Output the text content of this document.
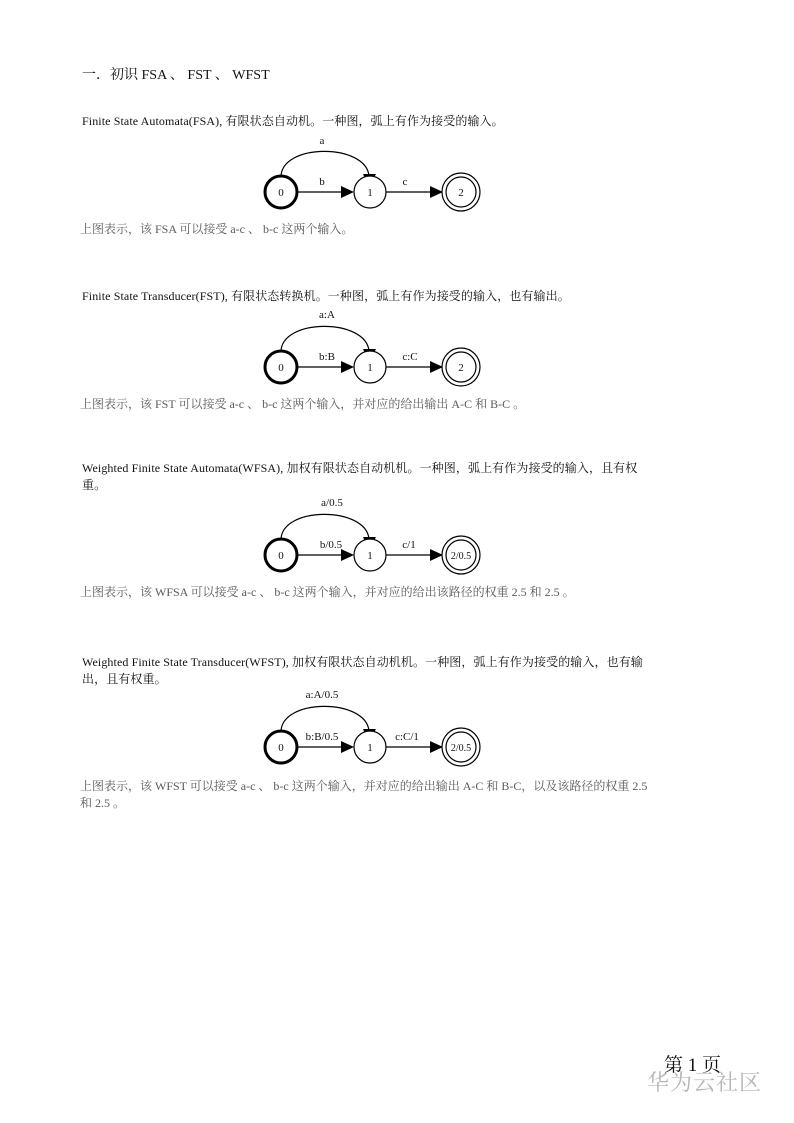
一．初识 FSA 、 FST 、 WFST
Finite State Automata(FSA), 有限状态自动机。一种图，弧上有作为接受的输入。
a
b	c
0	1	2
上图表示，该 FSA 可以接受 a-c 、 b-c 这两个输入。
Finite State Transducer(FST), 有限状态转换机。一种图，弧上有作为接受的输入，也有输出。
a:A
b:B	c:C
0	1	2
上图表示，该 FST 可以接受 a-c 、 b-c 这两个输入，并对应的给出输出 A-C 和 B-C 。
Weighted Finite State Automata(WFSA), 加权有限状态自动机机。一种图，弧上有作为接受的输入，且有权
重。
a/0.5
b/0.5	c/1
0	1	2/0.5
上图表示，该 WFSA 可以接受 a-c 、 b-c 这两个输入，并对应的给出该路径的权重 2.5 和 2.5 。
Weighted Finite State Transducer(WFST), 加权有限状态自动机机。一种图，弧上有作为接受的输入，也有输
出，且有权重。
a:A/0.5
b:B/0.5	c:C/1
0	1	2/0.5
上图表示，该 WFST 可以接受 a-c 、 b-c 这两个输入，并对应的给出输出 A-C 和 B-C，以及该路径的权重 2.5
和 2.5 。
第 1 页
华为云社区
